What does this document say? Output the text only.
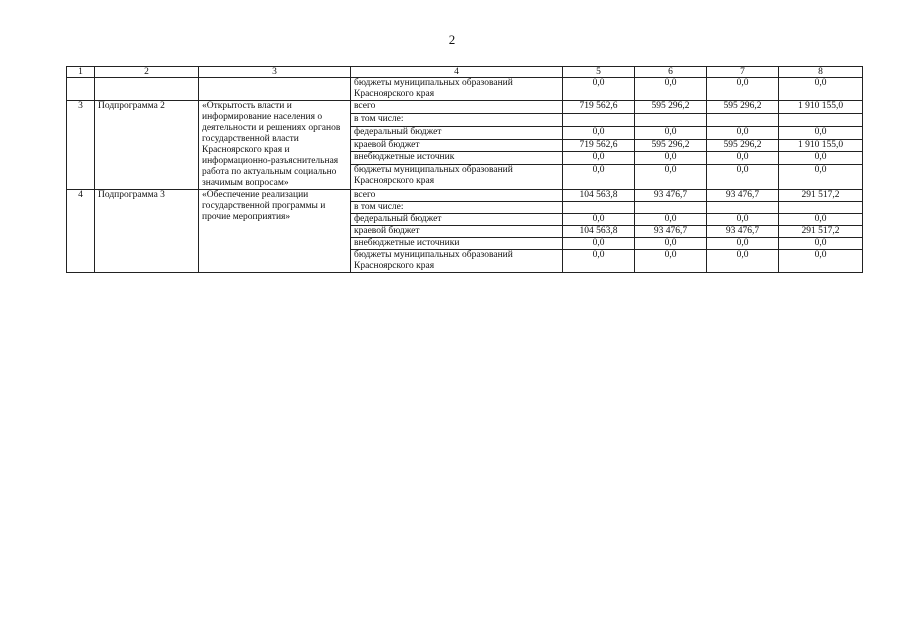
2
1	2	3	4	5	6	7	8
			бюджеты муниципальных образований Красноярского края	0,0	0,0	0,0	0,0
3	Подпрограмма 2	«Открытость власти и информирование населения о деятельности и решениях органов государственной власти Красноярского края и информационно-разъяснительная работа по актуальным социально значимым вопросам»	всего	719 562,6	595 296,2	595 296,2	1 910 155,0
			в том числе:				
			федеральный бюджет	0,0	0,0	0,0	0,0
			краевой бюджет	719 562,6	595 296,2	595 296,2	1 910 155,0
			внебюджетные источник	0,0	0,0	0,0	0,0
			бюджеты муниципальных образований Красноярского края	0,0	0,0	0,0	0,0
4	Подпрограмма 3	«Обеспечение реализации государственной программы и прочие мероприятия»	всего	104 563,8	93 476,7	93 476,7	291 517,2
			в том числе:				
			федеральный бюджет	0,0	0,0	0,0	0,0
			краевой бюджет	104 563,8	93 476,7	93 476,7	291 517,2
			внебюджетные источники	0,0	0,0	0,0	0,0
			бюджеты муниципальных образований Красноярского края	0,0	0,0	0,0	0,0
